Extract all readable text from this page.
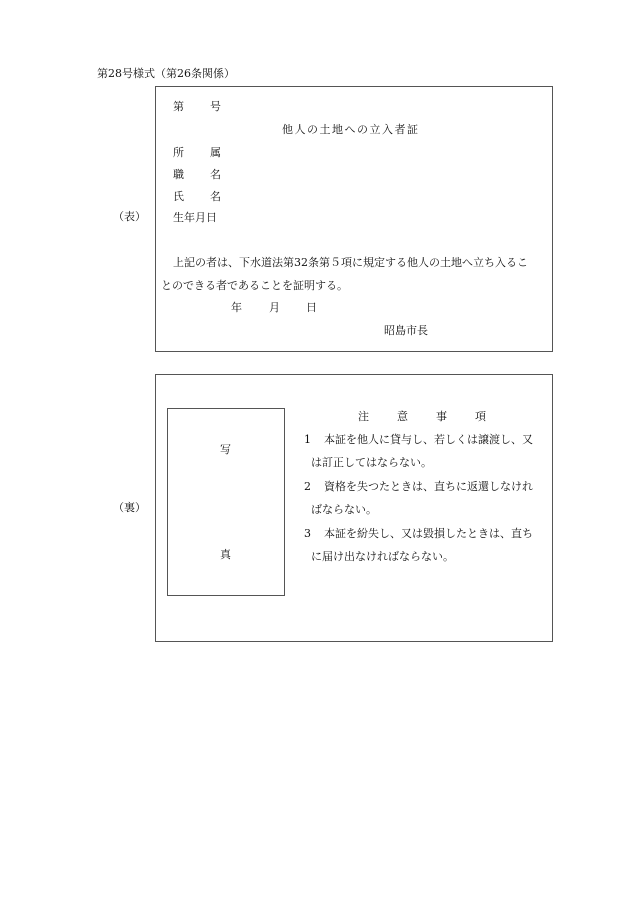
第28号様式（第26条関係）
（表）
第 号
他人の土地への立入者証
所 属
職 名
氏 名
生年月日
上記の者は、下水道法第32条第５項に規定する他人の土地へ立ち入るこ
とのできる者であることを証明する。
年 月 日
昭島市長
（裏）
写
真
注	意	事	項
1 本証を他人に貸与し、若しくは譲渡し、又
は訂正してはならない。
2 資格を失つたときは、直ちに返還しなけれ
ばならない。
3 本証を紛失し、又は毀損したときは、直ち
に届け出なければならない。
